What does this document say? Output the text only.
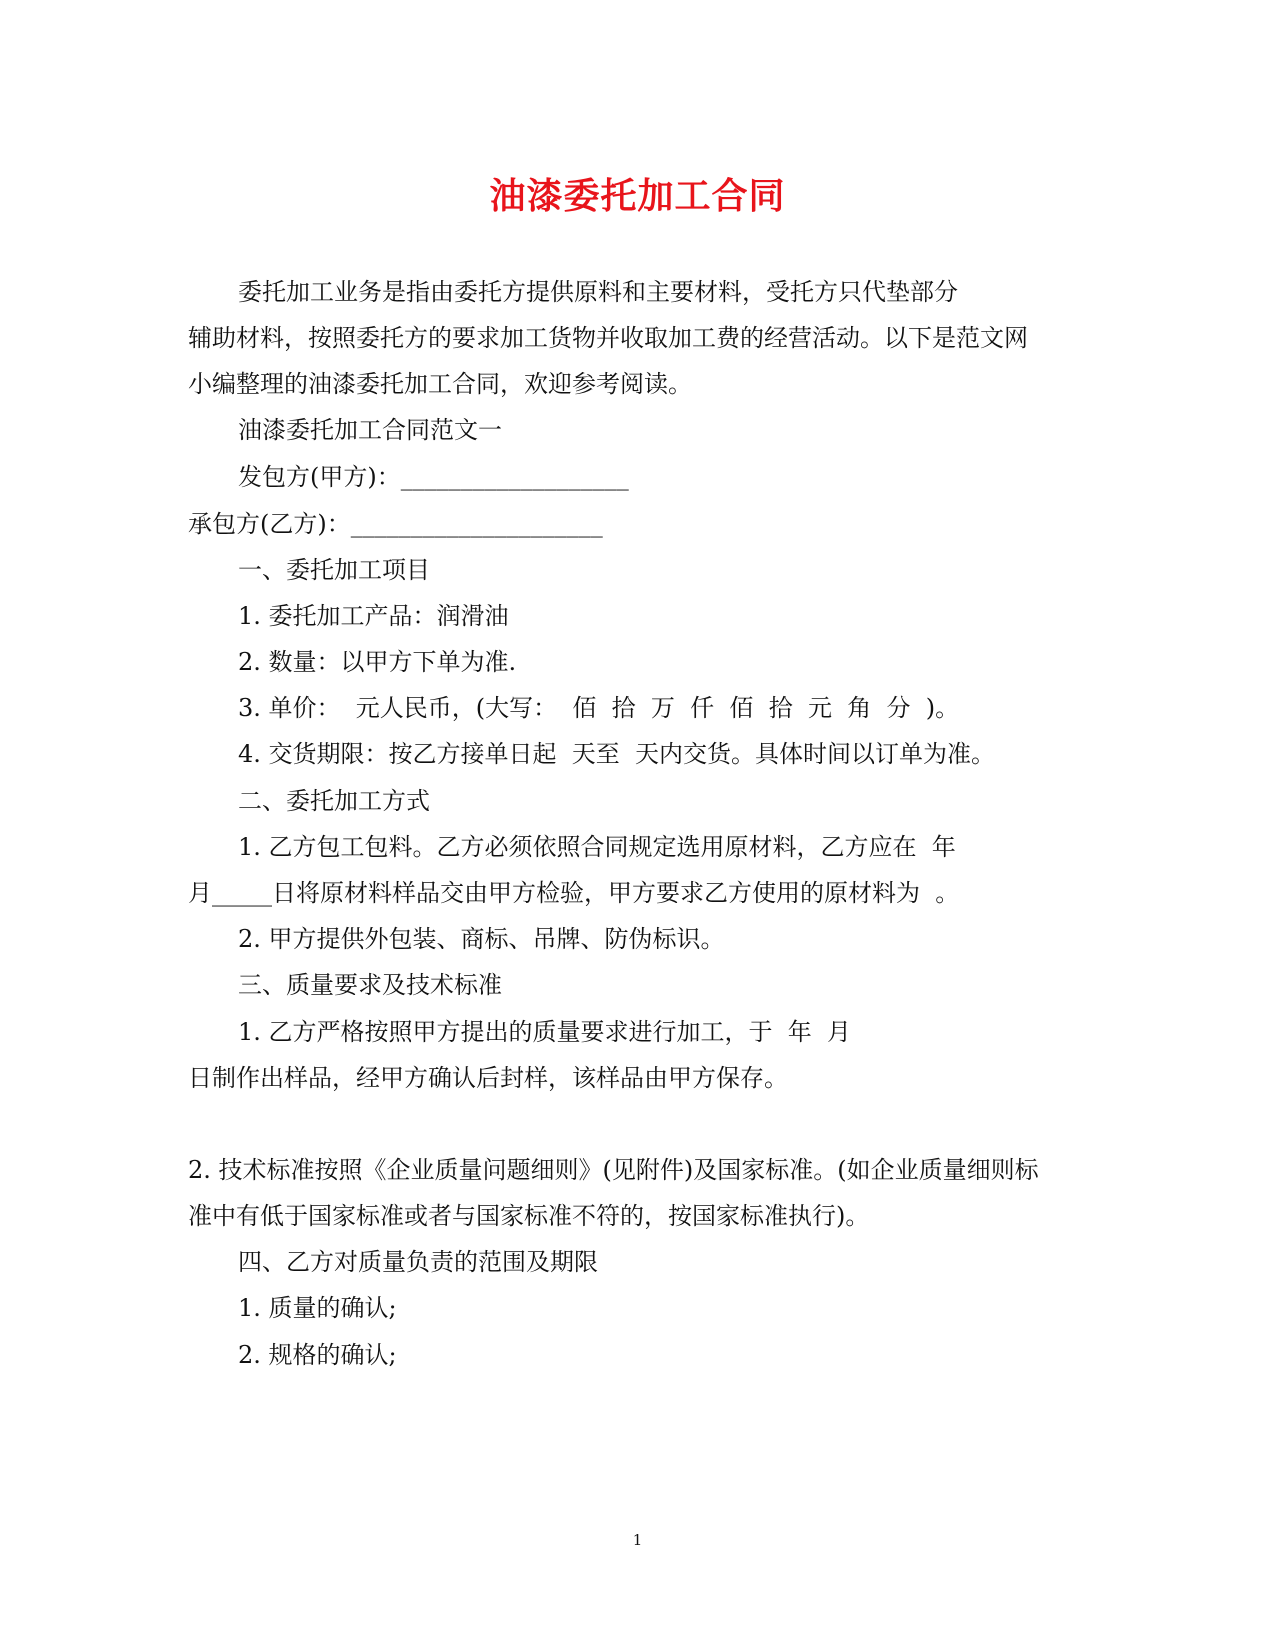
油漆委托加工合同
委托加工业务是指由委托方提供原料和主要材料，受托方只代垫部分
辅助材料，按照委托方的要求加工货物并收取加工费的经营活动。以下是范文网
小编整理的油漆委托加工合同，欢迎参考阅读。
油漆委托加工合同范文一
发包方(甲方)：___________________
承包方(乙方)：_____________________
一、委托加工项目
1. 委托加工产品：润滑油
2. 数量：以甲方下单为准.
3. 单价：  元人民币，(大写：  佰  拾  万  仟  佰  拾  元  角  分  )。
4. 交货期限：按乙方接单日起  天至  天内交货。具体时间以订单为准。
二、委托加工方式
1. 乙方包工包料。乙方必须依照合同规定选用原材料，乙方应在  年
月_____日将原材料样品交由甲方检验，甲方要求乙方使用的原材料为  。
2. 甲方提供外包装、商标、吊牌、防伪标识。
三、质量要求及技术标准
1. 乙方严格按照甲方提出的质量要求进行加工，于  年  月
日制作出样品，经甲方确认后封样，该样品由甲方保存。
2. 技术标准按照《企业质量问题细则》(见附件)及国家标准。(如企业质量细则标
准中有低于国家标准或者与国家标准不符的，按国家标准执行)。
四、乙方对质量负责的范围及期限
1. 质量的确认;
2. 规格的确认;
1
